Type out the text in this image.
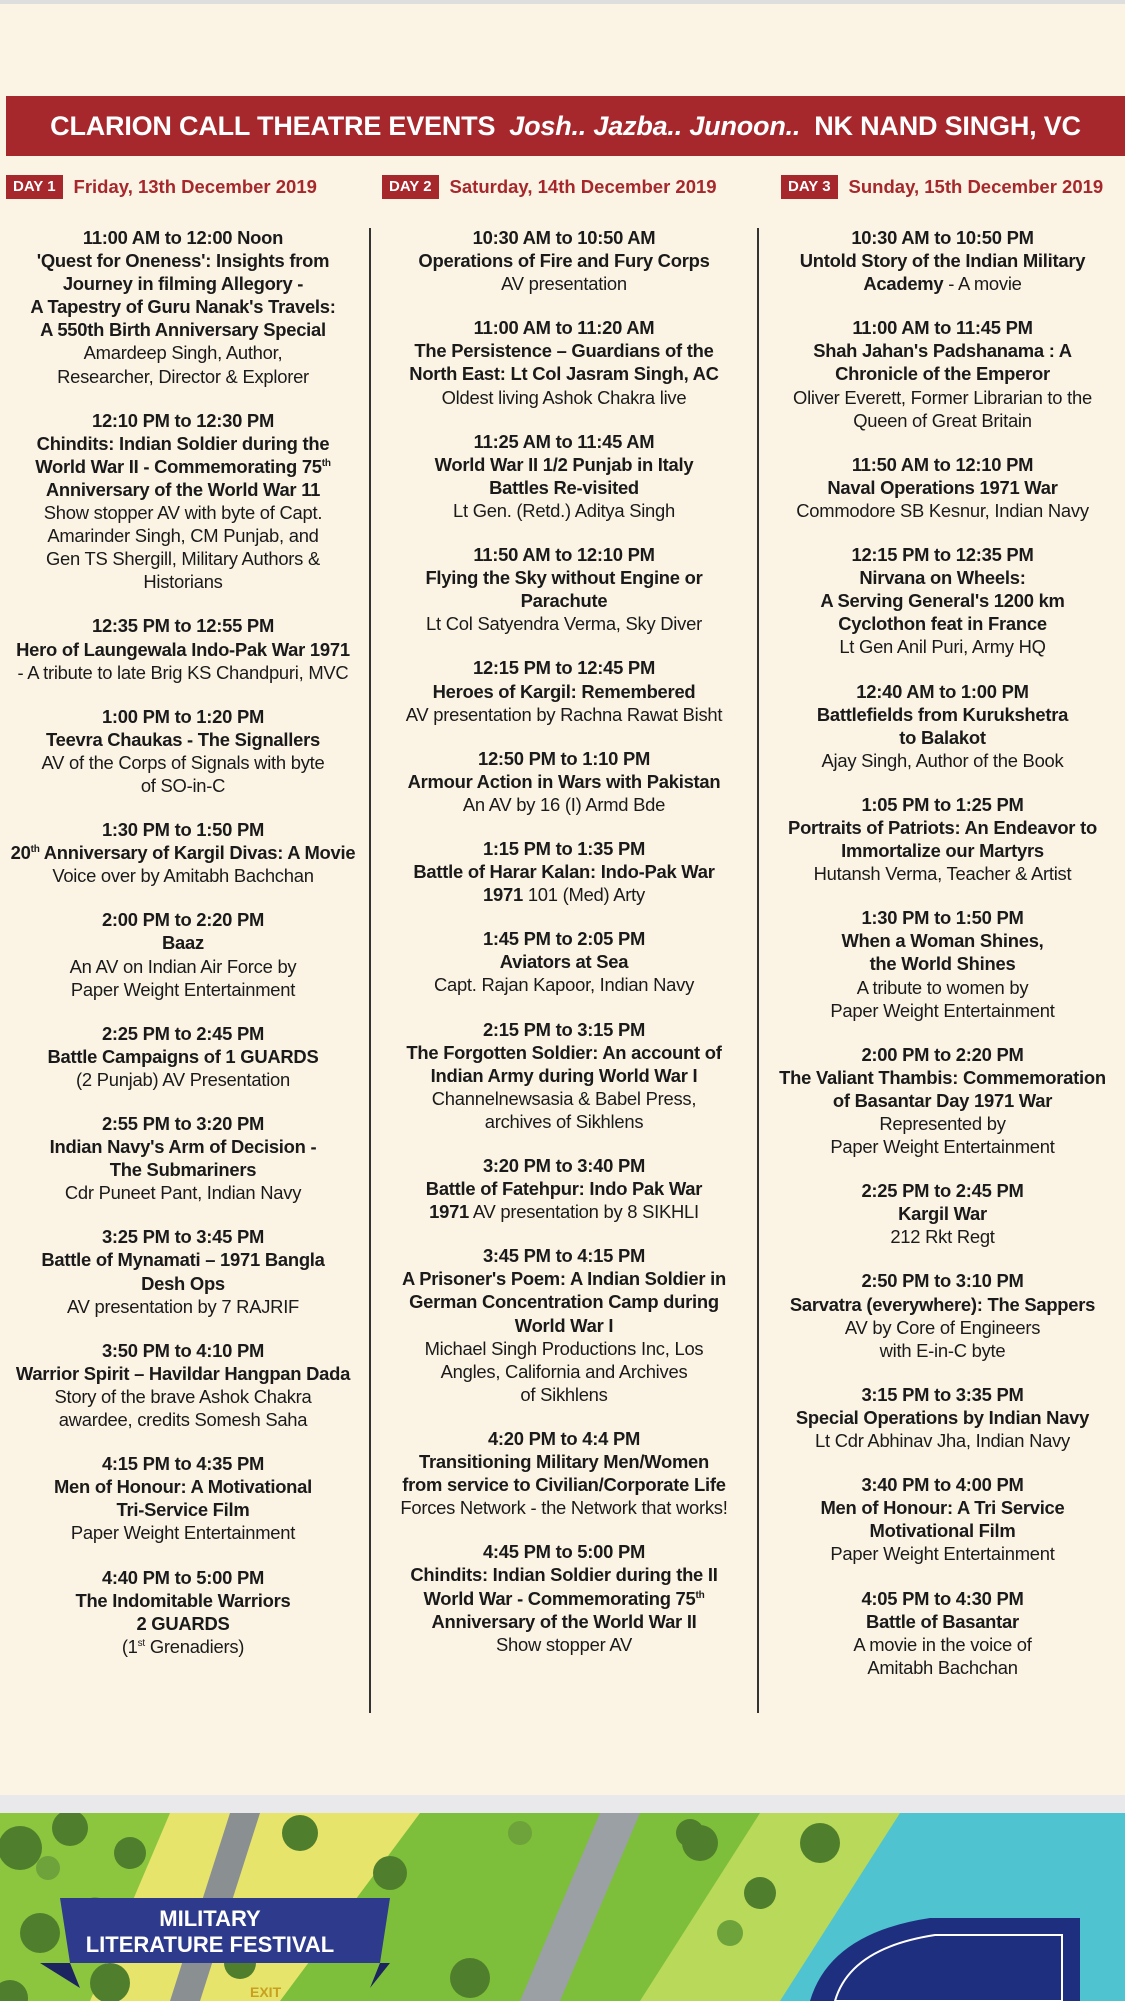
CLARION CALL THEATRE EVENTS Josh.. Jazba.. Junoon.. NK NAND SINGH, VC
DAY 1 Friday, 13th December 2019	DAY 2 Saturday, 14th December 2019	DAY 3 Sunday, 15th December 2019
11:00 AM to 12:00 Noon
'Quest for Oneness': Insights from
Journey in filming Allegory -
A Tapestry of Guru Nanak's Travels:
A 550th Birth Anniversary Special
Amardeep Singh, Author,
Researcher, Director & Explorer
12:10 PM to 12:30 PM
Chindits: Indian Soldier during the
World War II - Commemorating 75th
Anniversary of the World War 11
Show stopper AV with byte of Capt.
Amarinder Singh, CM Punjab, and
Gen TS Shergill, Military Authors &
Historians
12:35 PM to 12:55 PM
Hero of Laungewala Indo-Pak War 1971
- A tribute to late Brig KS Chandpuri, MVC
1:00 PM to 1:20 PM
Teevra Chaukas - The Signallers
AV of the Corps of Signals with byte
of SO-in-C
1:30 PM to 1:50 PM
20th Anniversary of Kargil Divas: A Movie
Voice over by Amitabh Bachchan
2:00 PM to 2:20 PM
Baaz
An AV on Indian Air Force by
Paper Weight Entertainment
2:25 PM to 2:45 PM
Battle Campaigns of 1 GUARDS
(2 Punjab) AV Presentation
2:55 PM to 3:20 PM
Indian Navy's Arm of Decision -
The Submariners
Cdr Puneet Pant, Indian Navy
3:25 PM to 3:45 PM
Battle of Mynamati – 1971 Bangla
Desh Ops
AV presentation by 7 RAJRIF
3:50 PM to 4:10 PM
Warrior Spirit – Havildar Hangpan Dada
Story of the brave Ashok Chakra
awardee, credits Somesh Saha
4:15 PM to 4:35 PM
Men of Honour: A Motivational
Tri-Service Film
Paper Weight Entertainment
4:40 PM to 5:00 PM
The Indomitable Warriors
2 GUARDS
(1st Grenadiers)
10:30 AM to 10:50 AM
Operations of Fire and Fury Corps
AV presentation
11:00 AM to 11:20 AM
The Persistence – Guardians of the
North East: Lt Col Jasram Singh, AC
Oldest living Ashok Chakra live
11:25 AM to 11:45 AM
World War II 1/2 Punjab in Italy
Battles Re-visited
Lt Gen. (Retd.) Aditya Singh
11:50 AM to 12:10 PM
Flying the Sky without Engine or
Parachute
Lt Col Satyendra Verma, Sky Diver
12:15 PM to 12:45 PM
Heroes of Kargil: Remembered
AV presentation by Rachna Rawat Bisht
12:50 PM to 1:10 PM
Armour Action in Wars with Pakistan
An AV by 16 (I) Armd Bde
1:15 PM to 1:35 PM
Battle of Harar Kalan: Indo-Pak War
1971 101 (Med) Arty
1:45 PM to 2:05 PM
Aviators at Sea
Capt. Rajan Kapoor, Indian Navy
2:15 PM to 3:15 PM
The Forgotten Soldier: An account of
Indian Army during World War I
Channelnewsasia & Babel Press,
archives of Sikhlens
3:20 PM to 3:40 PM
Battle of Fatehpur: Indo Pak War
1971 AV presentation by 8 SIKHLI
3:45 PM to 4:15 PM
A Prisoner's Poem: A Indian Soldier in
German Concentration Camp during
World War I
Michael Singh Productions Inc, Los
Angles, California and Archives
of Sikhlens
4:20 PM to 4:4 PM
Transitioning Military Men/Women
from service to Civilian/Corporate Life
Forces Network - the Network that works!
4:45 PM to 5:00 PM
Chindits: Indian Soldier during the II
World War - Commemorating 75th
Anniversary of the World War II
Show stopper AV
10:30 AM to 10:50 PM
Untold Story of the Indian Military
Academy - A movie
11:00 AM to 11:45 PM
Shah Jahan's Padshanama : A
Chronicle of the Emperor
Oliver Everett, Former Librarian to the
Queen of Great Britain
11:50 AM to 12:10 PM
Naval Operations 1971 War
Commodore SB Kesnur, Indian Navy
12:15 PM to 12:35 PM
Nirvana on Wheels:
A Serving General's 1200 km
Cyclothon feat in France
Lt Gen Anil Puri, Army HQ
12:40 AM to 1:00 PM
Battlefields from Kurukshetra
to Balakot
Ajay Singh, Author of the Book
1:05 PM to 1:25 PM
Portraits of Patriots: An Endeavor to
Immortalize our Martyrs
Hutansh Verma, Teacher & Artist
1:30 PM to 1:50 PM
When a Woman Shines,
the World Shines
A tribute to women by
Paper Weight Entertainment
2:00 PM to 2:20 PM
The Valiant Thambis: Commemoration
of Basantar Day 1971 War
Represented by
Paper Weight Entertainment
2:25 PM to 2:45 PM
Kargil War
212 Rkt Regt
2:50 PM to 3:10 PM
Sarvatra (everywhere): The Sappers
AV by Core of Engineers
with E-in-C byte
3:15 PM to 3:35 PM
Special Operations by Indian Navy
Lt Cdr Abhinav Jha, Indian Navy
3:40 PM to 4:00 PM
Men of Honour: A Tri Service
Motivational Film
Paper Weight Entertainment
4:05 PM to 4:30 PM
Battle of Basantar
A movie in the voice of
Amitabh Bachchan
MILITARY
LITERATURE FESTIVAL
EXIT
